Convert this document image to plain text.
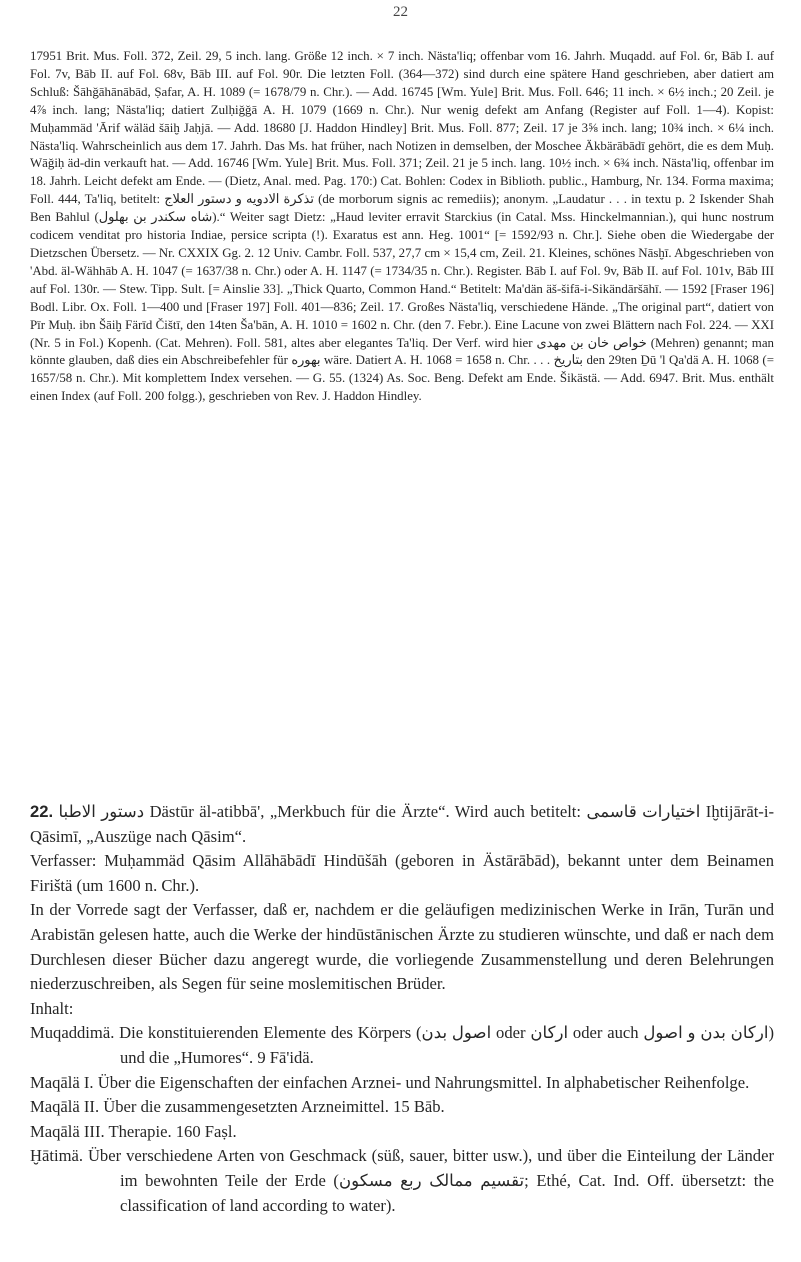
22

17951 Brit. Mus. Foll. 372, Zeil. 29, 5 inch. lang. Größe 12 inch. × 7 inch. Nästa'liq; offenbar vom 16. Jahrh. Muqadd. auf Fol. 6r, Bāb I. auf Fol. 7v, Bāb II. auf Fol. 68v, Bāb III. auf Fol. 90r. Die letzten Foll. (364—372) sind durch eine spätere Hand geschrieben, aber datiert am Schluß: Šāhǧāhānābād, Ṣafar, A. H. 1089 (= 1678/79 n. Chr.). — Add. 16745 [Wm. Yule] Brit. Mus. Foll. 646; 11 inch. × 6½ inch.; 20 Zeil. je 4⅞ inch. lang; Nästa'liq; datiert Zulḥiǧǧā A. H. 1079 (1669 n. Chr.). Nur wenig defekt am Anfang (Register auf Foll. 1—4). Kopist: Muḥammäd 'Ārif wäläd šāiḫ Jaḥjā. — Add. 18680 [J. Haddon Hindley] Brit. Mus. Foll. 877; Zeil. 17 je 3⅝ inch. lang; 10¾ inch. × 6¼ inch. Nästa'liq. Wahrscheinlich aus dem 17. Jahrh. Das Ms. hat früher, nach Notizen in demselben, der Moschee Äkbärābādī gehört, die es dem Muḥ. Wāǧiḥ äd-din verkauft hat. — Add. 16746 [Wm. Yule] Brit. Mus. Foll. 371; Zeil. 21 je 5 inch. lang. 10½ inch. × 6¾ inch. Nästa'liq, offenbar im 18. Jahrh. Leicht defekt am Ende. — (Dietz, Anal. med. Pag. 170:) Cat. Bohlen: Codex in Biblioth. public., Hamburg, Nr. 134. Forma maxima; Foll. 444, Ta'liq, betitelt: تذکرة الادویه و دستور العلاج (de morborum signis ac remediis); anonym. „Laudatur . . . in textu p. 2 Iskender Shah Ben Bahlul (شاه سکندر بن بهلول).“ Weiter sagt Dietz: „Haud leviter erravit Starckius (in Catal. Mss. Hinckelmannian.), qui hunc nostrum codicem venditat pro historia Indiae, persice scripta (!). Exaratus est ann. Heg. 1001“ [= 1592/93 n. Chr.]. Siehe oben die Wiedergabe der Dietzschen Übersetz. — Nr. CXXIX Gg. 2. 12 Univ. Cambr. Foll. 537, 27,7 cm × 15,4 cm, Zeil. 21. Kleines, schönes Nāsḫī. Abgeschrieben von 'Abd. äl-Wähhāb A. H. 1047 (= 1637/38 n. Chr.) oder A. H. 1147 (= 1734/35 n. Chr.). Register. Bāb I. auf Fol. 9v, Bāb II. auf Fol. 101v, Bāb III auf Fol. 130r. — Stew. Tipp. Sult. [= Ainslie 33]. „Thick Quarto, Common Hand.“ Betitelt: Ma'dän äš-šifā-i-Sikändāršāhī. — 1592 [Fraser 196] Bodl. Libr. Ox. Foll. 1—400 und [Fraser 197] Foll. 401—836; Zeil. 17. Großes Nästa'liq, verschiedene Hände. „The original part“, datiert von Pīr Muḥ. ibn Šāiḫ Färīd Čištī, den 14ten Ša'bān, A. H. 1010 = 1602 n. Chr. (den 7. Febr.). Eine Lacune von zwei Blättern nach Fol. 224. — XXI (Nr. 5 in Fol.) Kopenh. (Cat. Mehren). Foll. 581, altes aber elegantes Ta'liq. Der Verf. wird hier خواص خان بن مهدی (Mehren) genannt; man könnte glauben, daß dies ein Abschreibefehler für بهوره wäre. Datiert A. H. 1068 = 1658 n. Chr. . . . بتاریخ den 29ten Ḏū 'l Qa'dä A. H. 1068 (= 1657/58 n. Chr.). Mit komplettem Index versehen. — G. 55. (1324) As. Soc. Beng. Defekt am Ende. Šikästä. — Add. 6947. Brit. Mus. enthält einen Index (auf Foll. 200 folgg.), geschrieben von Rev. J. Haddon Hindley.

22. دستور الاطبا Dästūr äl-atibbā', „Merkbuch für die Ärzte“. Wird auch betitelt: اختیارات قاسمی Iḫtijārāt-i-Qāsimī, „Auszüge nach Qāsim“.

Verfasser: Muḥammäd Qāsim Allāhābādī Hindūšāh (geboren in Ästārābād), bekannt unter dem Beinamen Firištä (um 1600 n. Chr.).

In der Vorrede sagt der Verfasser, daß er, nachdem er die geläufigen medizinischen Werke in Irān, Turān und Arabistān gelesen hatte, auch die Werke der hindūstānischen Ärzte zu studieren wünschte, und daß er nach dem Durchlesen dieser Bücher dazu angeregt wurde, die vorliegende Zusammenstellung und deren Belehrungen niederzuschreiben, als Segen für seine moslemitischen Brüder.

Inhalt:

Muqaddimä. Die konstituierenden Elemente des Körpers (اصول بدن oder ارکان oder auch ارکان بدن و اصول) und die „Humores“. 9 Fā'idä.

Maqālä I. Über die Eigenschaften der einfachen Arznei- und Nahrungsmittel. In alphabetischer Reihenfolge.

Maqālä II. Über die zusammengesetzten Arzneimittel. 15 Bāb.

Maqālä III. Therapie. 160 Faṣl.

Ḫātimä. Über verschiedene Arten von Geschmack (süß, sauer, bitter usw.), und über die Einteilung der Länder im bewohnten Teile der Erde (تقسیم ممالک ربع مسکون; Ethé, Cat. Ind. Off. übersetzt: the classification of land according to water).
